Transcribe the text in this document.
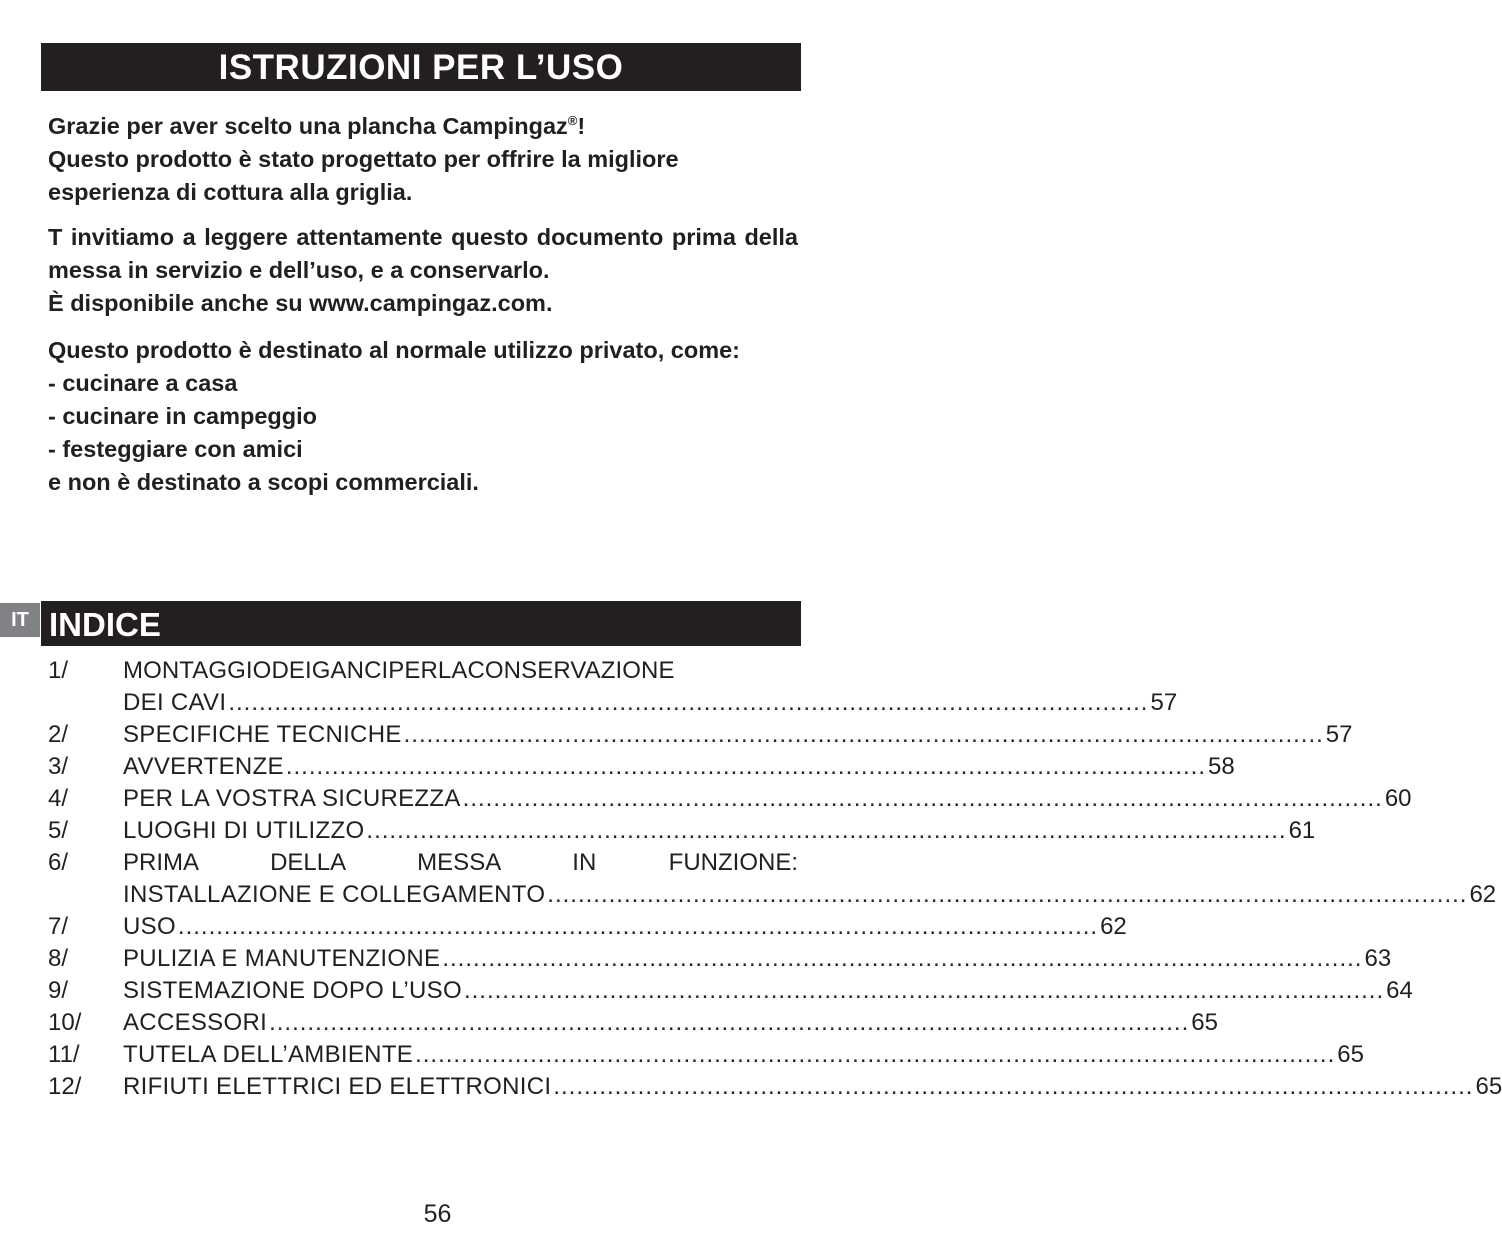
ISTRUZIONI PER L’USO

Grazie per aver scelto una plancha Campingaz®!

Questo prodotto è stato progettato per offrire la migliore esperienza di cottura alla griglia.

T invitiamo a leggere attentamente questo documento prima della messa in servizio e dell’uso, e a conservarlo.

È disponibile anche su www.campingaz.com.

Questo prodotto è destinato al normale utilizzo privato, come:

- cucinare a casa

- cucinare in campeggio

- festeggiare con amici

e non è destinato a scopi commerciali.

IT INDICE
1/	MONTAGGIODEIGANCIPERLACONSERVAZIONE
DEI CAVI ........................................................................................................................ 57
2/	SPECIFICHE TECNICHE ........................................................................................................................ 57
3/	AVVERTENZE ........................................................................................................................ 58
4/	PER LA VOSTRA SICUREZZA ........................................................................................................................ 60
5/	LUOGHI DI UTILIZZO ........................................................................................................................ 61
6/	PRIMA DELLA MESSA IN FUNZIONE:
INSTALLAZIONE E COLLEGAMENTO ........................................................................................................................ 62
7/	USO ........................................................................................................................ 62
8/	PULIZIA E MANUTENZIONE ........................................................................................................................ 63
9/	SISTEMAZIONE DOPO L’USO ........................................................................................................................ 64
10/	ACCESSORI ........................................................................................................................ 65
11/	TUTELA DELL’AMBIENTE ........................................................................................................................ 65
12/	RIFIUTI ELETTRICI ED ELETTRONICI ........................................................................................................................ 65
56
